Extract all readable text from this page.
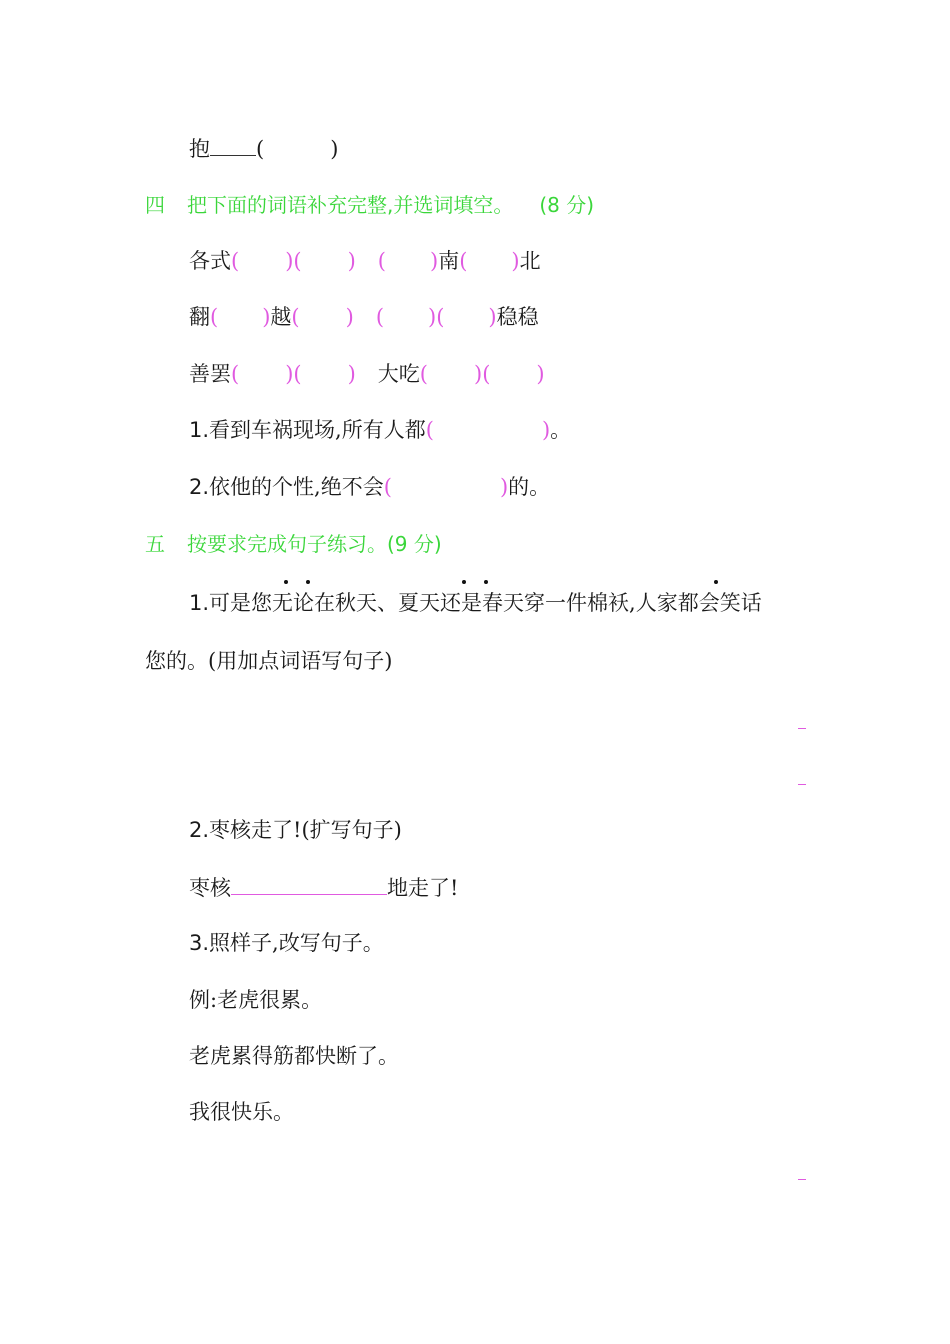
抱 (	)
四 把下面的词语补充完整,并选词填空。 (8 分)
各式( )( ) ( )南( )北
翻( )越( ) ( )( )稳稳
善罢( )( ) 大吃( )( )
1.看到车祸现场,所有人都(	)。
2.依他的个性,绝不会(	)的。
五 按要求完成句子练习。(9 分)
1.可是您无论在秋天、夏天还是春天穿一件棉袄,人家都会笑话
您的。(用加点词语写句子)
2.枣核走了!(扩写句子)
枣核	地走了!
3.照样子,改写句子。
例:老虎很累。
老虎累得筋都快断了。
我很快乐。
